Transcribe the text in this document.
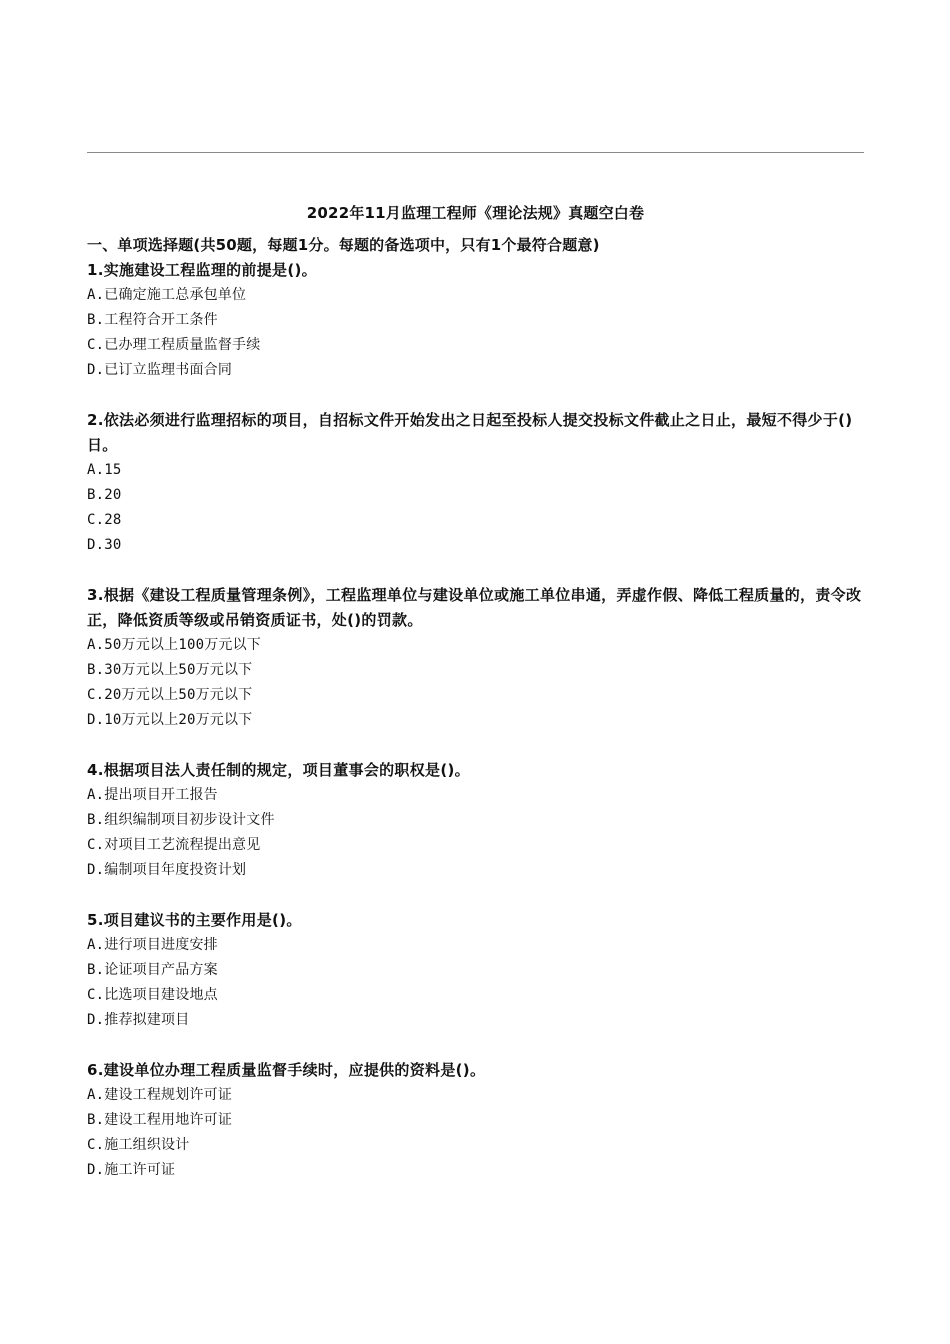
2022年11月监理工程师《理论法规》真题空白卷
一、单项选择题(共50题，每题1分。每题的备选项中，只有1个最符合题意)
1.实施建设工程监理的前提是()。
A.已确定施工总承包单位
B.工程符合开工条件
C.已办理工程质量监督手续
D.已订立监理书面合同
2.依法必须进行监理招标的项目，自招标文件开始发出之日起至投标人提交投标文件截止之日止，最短不得少于()日。
A.15
B.20
C.28
D.30
3.根据《建设工程质量管理条例》，工程监理单位与建设单位或施工单位串通，弄虚作假、降低工程质量的，责令改正，降低资质等级或吊销资质证书，处()的罚款。
A.50万元以上100万元以下
B.30万元以上50万元以下
C.20万元以上50万元以下
D.10万元以上20万元以下
4.根据项目法人责任制的规定，项目董事会的职权是()。
A.提出项目开工报告
B.组织编制项目初步设计文件
C.对项目工艺流程提出意见
D.编制项目年度投资计划
5.项目建议书的主要作用是()。
A.进行项目进度安排
B.论证项目产品方案
C.比选项目建设地点
D.推荐拟建项目
6.建设单位办理工程质量监督手续时，应提供的资料是()。
A.建设工程规划许可证
B.建设工程用地许可证
C.施工组织设计
D.施工许可证
